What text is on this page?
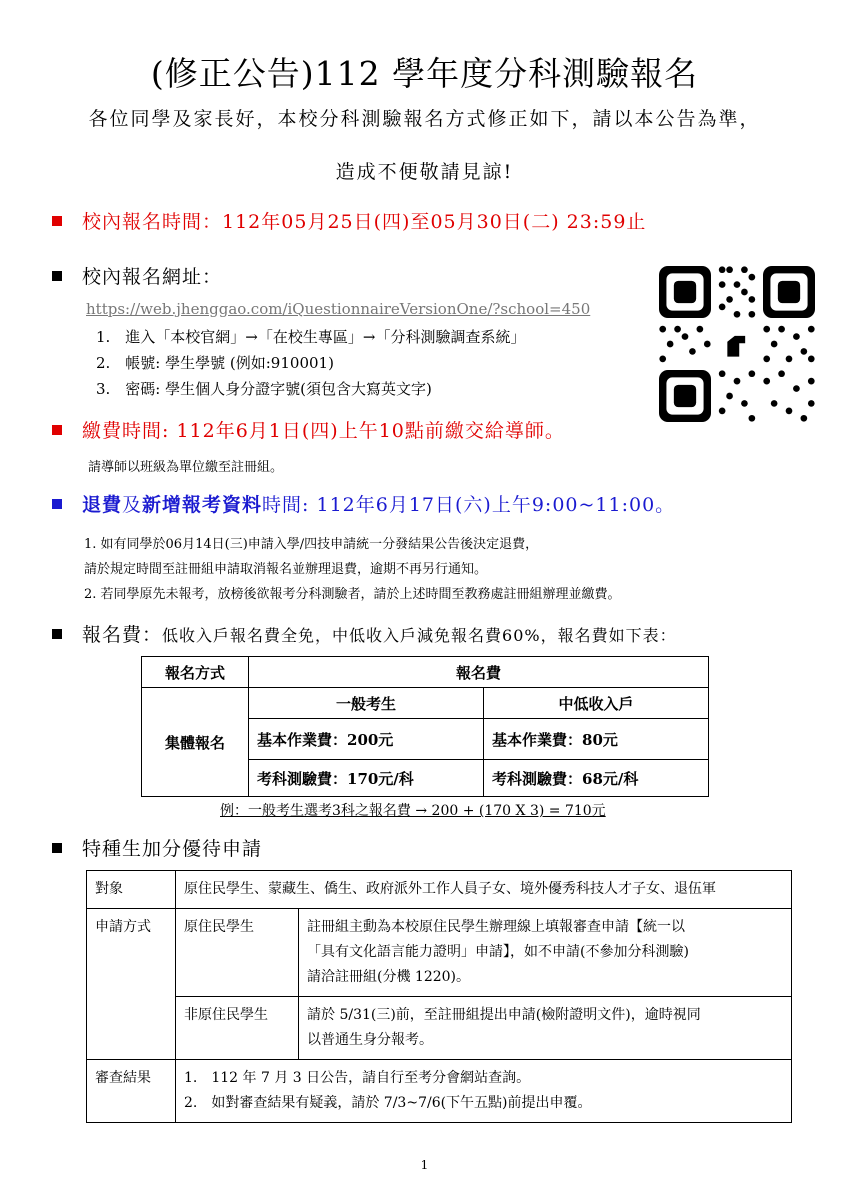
(修正公告)112 學年度分科測驗報名
各位同學及家長好，本校分科測驗報名方式修正如下，請以本公告為準，
造成不便敬請見諒!
校內報名時間：112年05月25日(四)至05月30日(二) 23:59止
校內報名網址：
https://web.jhenggao.com/iQuestionnaireVersionOne/?school=450
1.　進入「本校官網」→「在校生專區」→「分科測驗調查系統」
2.　帳號: 學生學號 (例如:910001)
3.　密碼: 學生個人身分證字號(須包含大寫英文字)
繳費時間: 112年6月1日(四)上午10點前繳交給導師。
請導師以班級為單位繳至註冊組。
退費及新增報考資料時間: 112年6月17日(六)上午9:00~11:00。
1. 如有同學於06月14日(三)申請入學/四技申請統一分發結果公告後決定退費，
請於規定時間至註冊組申請取消報名並辦理退費，逾期不再另行通知。
2. 若同學原先未報考，放榜後欲報考分科測驗者，請於上述時間至教務處註冊組辦理並繳費。
報名費：低收入戶報名費全免，中低收入戶減免報名費60%，報名費如下表：
報名方式	報名費	
集體報名	一般考生	中低收入戶
	基本作業費：200元	基本作業費：80元
	考科測驗費：170元/科	考科測驗費：68元/科
例：一般考生選考3科之報名費 → 200 + (170 X 3) = 710元
特種生加分優待申請
對象	原住民學生、蒙藏生、僑生、政府派外工作人員子女、境外優秀科技人才子女、退伍軍	
申請方式	原住民學生	註冊組主動為本校原住民學生辦理線上填報審查申請【統一以
「具有文化語言能力證明」申請】，如不申請(不參加分科測驗)
請洽註冊組(分機 1220)。

	非原住民學生	請於 5/31(三)前，至註冊組提出申請(檢附證明文件)，逾時視同
以普通生身分報考。

審查結果	1.　112 年 7 月 3 日公告，請自行至考分會網站查詢。
2.　如對審查結果有疑義，請於 7/3~7/6(下午五點)前提出申覆。	
1
